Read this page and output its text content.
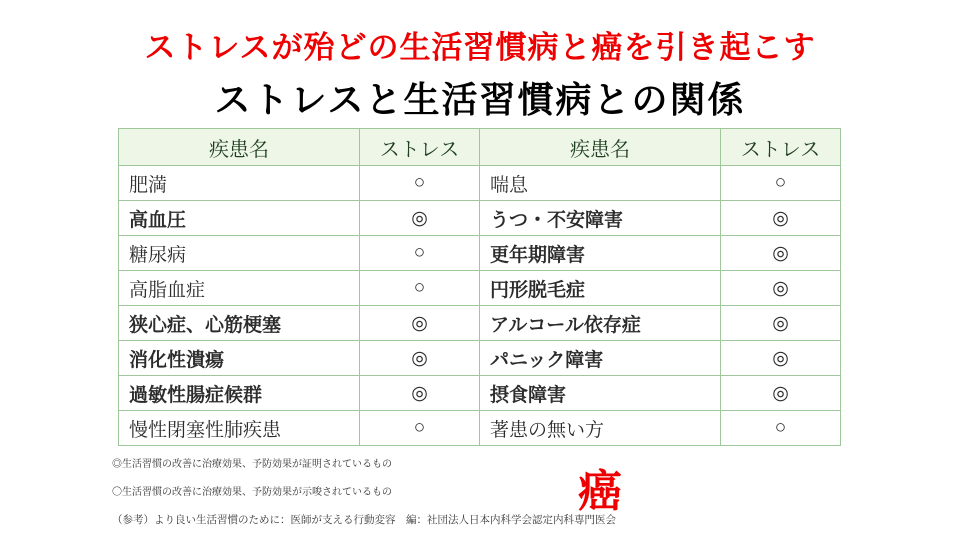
ストレスが殆どの生活習慣病と癌を引き起こす
ストレスと生活習慣病との関係
疾患名	ストレス	疾患名	ストレス
肥満	○	喘息	○
高血圧	◎	うつ・不安障害	◎
糖尿病	○	更年期障害	◎
高脂血症	○	円形脱毛症	◎
狭心症、心筋梗塞	◎	アルコール依存症	◎
消化性潰瘍	◎	パニック障害	◎
過敏性腸症候群	◎	摂食障害	◎
慢性閉塞性肺疾患	○	著患の無い方	○
◎生活習慣の改善に治療効果、予防効果が証明されているもの
〇生活習慣の改善に治療効果、予防効果が示唆されているもの
（参考）より良い生活習慣のために：医師が支える行動変容　編：社団法人日本内科学会認定内科専門医会
癌
